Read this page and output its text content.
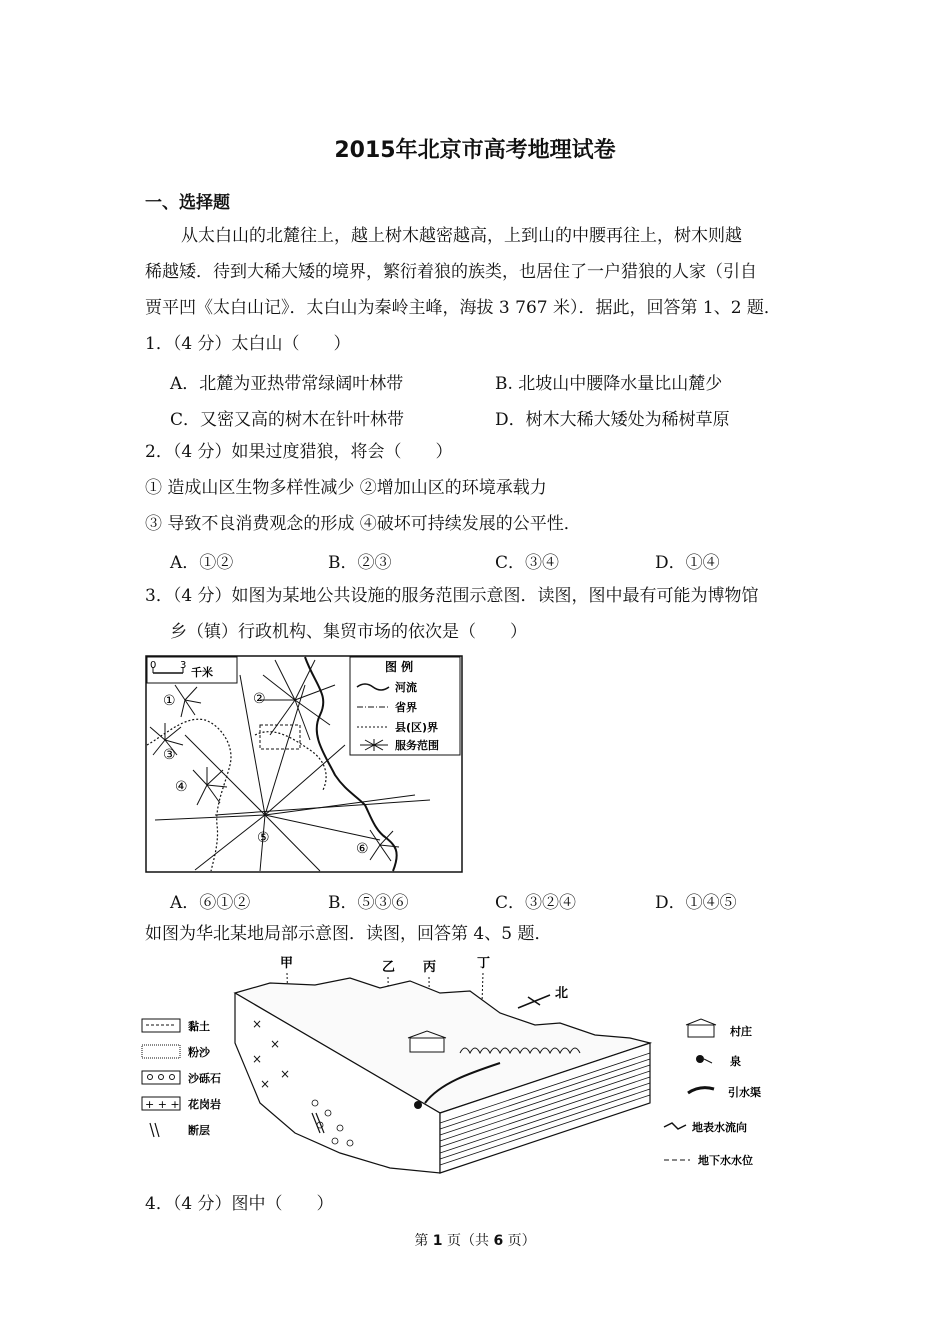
2015年北京市高考地理试卷
一、选择题
从太白山的北麓往上，越上树木越密越高，上到山的中腰再往上，树木则越
稀越矮．待到大稀大矮的境界，繁衍着狼的族类，也居住了一户猎狼的人家（引自
贾平凹《太白山记》．太白山为秦岭主峰，海拔 3 767 米）．据此，回答第 1、2 题．
1．（4 分）太白山（　　）
A．北麓为亚热带常绿阔叶林带	B. 北坡山中腰降水量比山麓少
C．又密又高的树木在针叶林带	D．树木大稀大矮处为稀树草原
2．（4 分）如果过度猎狼，将会（　　）
① 造成山区生物多样性减少 ②增加山区的环境承载力
③ 导致不良消费观念的形成 ④破坏可持续发展的公平性．
A．①②	B．②③	C．③④	D．①④
3．（4 分）如图为某地公共设施的服务范围示意图．读图，图中最有可能为博物馆
乡（镇）行政机构、集贸市场的依次是（　　）
0 3
千米	图 例
河流
省界
县(区)界
服务范围
①	②
③
④
⑤
⑥
A．⑥①②	B．⑤③⑥	C．③②④	D．①④⑤
如图为华北某地局部示意图．读图，回答第 4、5 题．
甲	乙 丙	丁
北
×
×
×
×
×
黏土
粉沙
沙砾石
+ + + 花岗岩
断层
村庄
泉
引水渠
地表水流向
地下水水位
4．（4 分）图中（　　）
第 1 页（共 6 页）
